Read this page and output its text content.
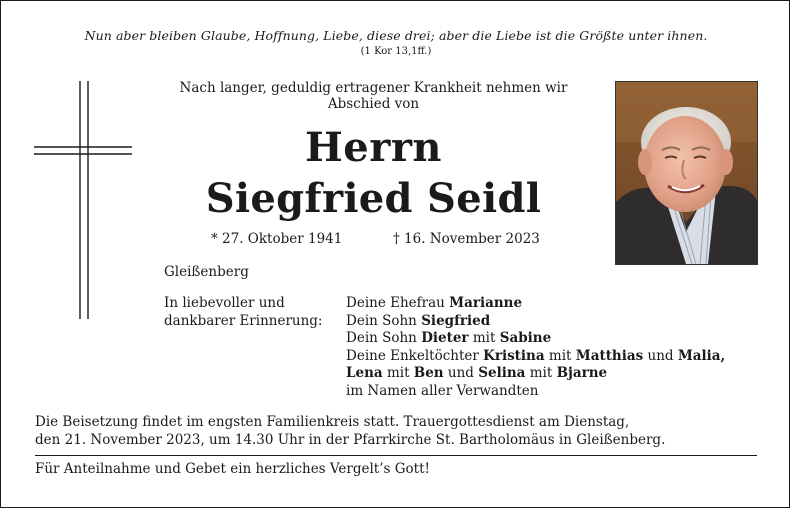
Nun aber bleiben Glaube, Hoffnung, Liebe, diese drei; aber die Liebe ist die Größte unter ihnen.
(1 Kor 13,1ff.)
Nach langer, geduldig ertragener Krankheit nehmen wir
Abschied von
Herrn
Siegfried Seidl
* 27. Oktober 1941	† 16. November 2023
Gleißenberg
In liebevoller und
dankbarer Erinnerung:
Deine Ehefrau Marianne
Dein Sohn Siegfried
Dein Sohn Dieter mit Sabine
Deine Enkeltöchter Kristina mit Matthias und Malia,
Lena mit Ben und Selina mit Bjarne
im Namen aller Verwandten
Die Beisetzung findet im engsten Familienkreis statt. Trauergottesdienst am Dienstag,
den 21. November 2023, um 14.30 Uhr in der Pfarrkirche St. Bartholomäus in Gleißenberg.
Für Anteilnahme und Gebet ein herzliches Vergelt’s Gott!
